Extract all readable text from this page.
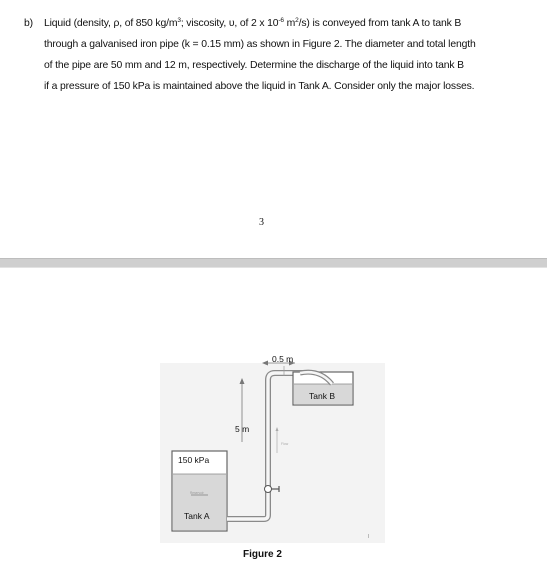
b) Liquid (density, ρ, of 850 $kg/m^3$; viscosity, υ, of 2 x $10^{-6}$ $m^2/s$) is conveyed from tank A to tank B
through a galvanised iron pipe (k = 0.15 mm) as shown in Figure 2. The diameter and total length
of the pipe are 50 mm and 12 m, respectively. Determine the discharge of the liquid into tank B
if a pressure of 150 kPa is maintained above the liquid in Tank A. Consider only the major losses.
3
Flow
Reservoir
0.5 m
5 m
150 kPa
Tank A
Tank B
Figure 2
